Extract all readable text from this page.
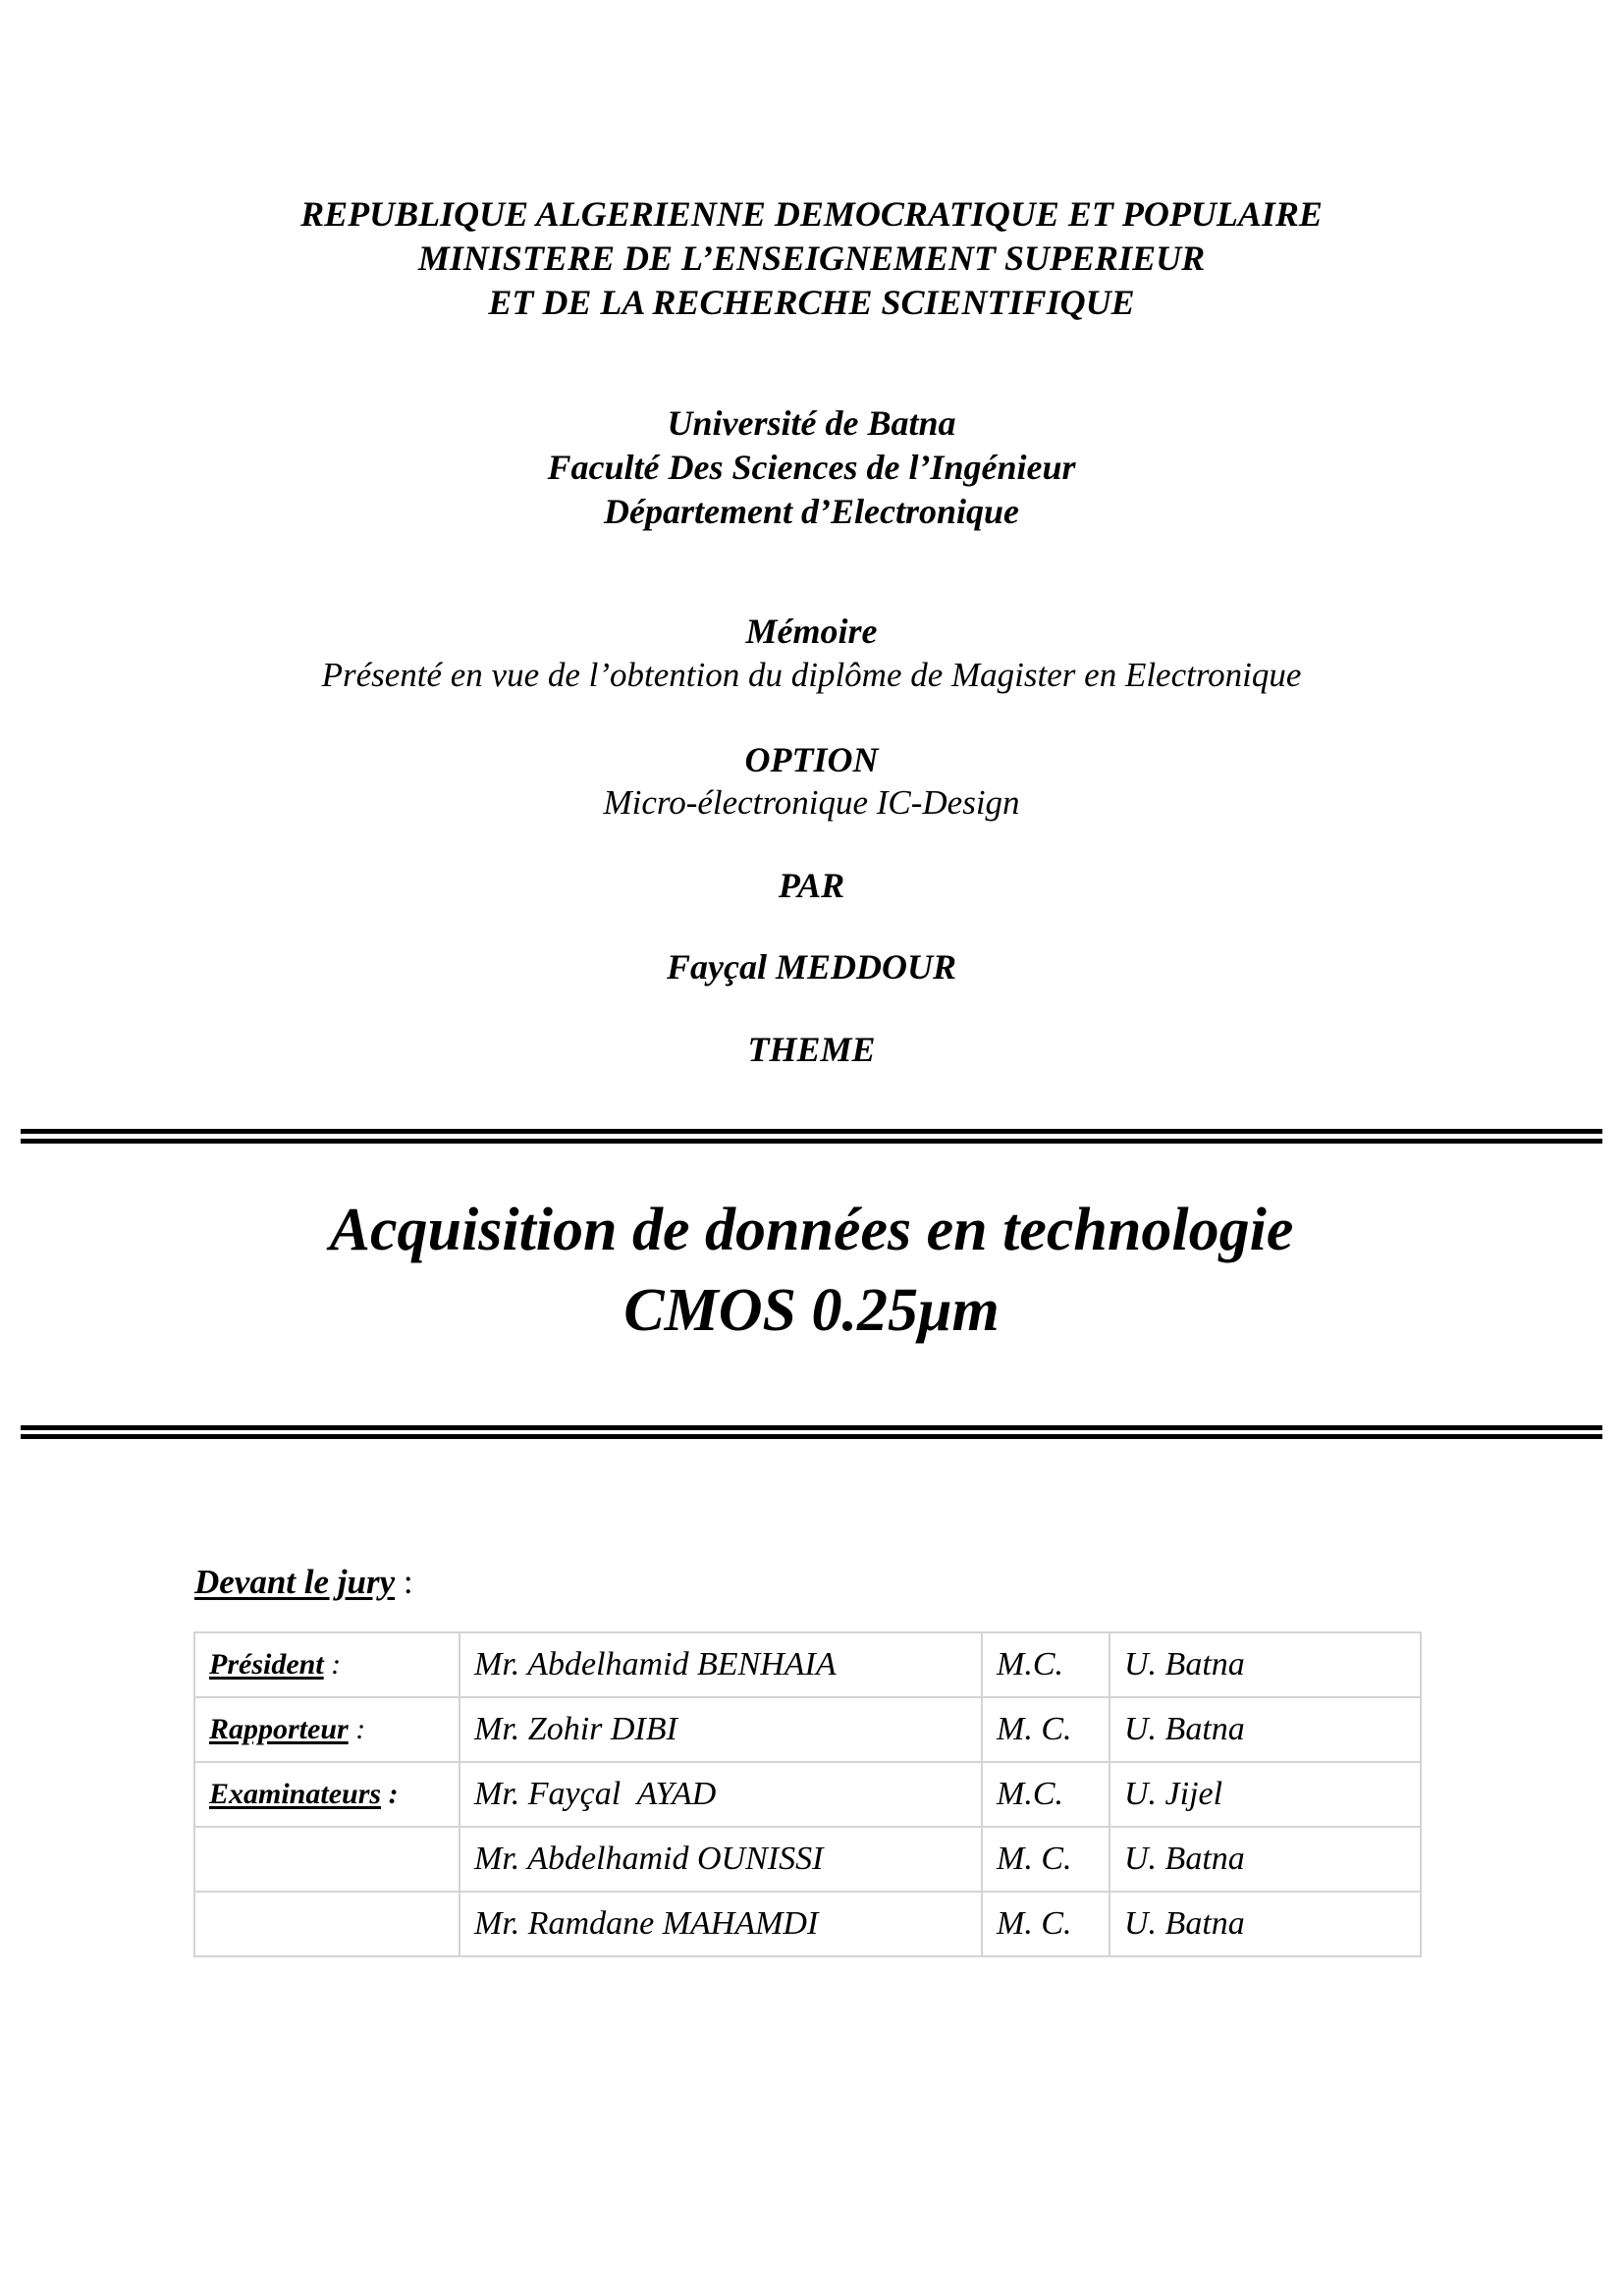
REPUBLIQUE ALGERIENNE DEMOCRATIQUE ET POPULAIRE
MINISTERE DE L’ENSEIGNEMENT SUPERIEUR
ET DE LA RECHERCHE SCIENTIFIQUE
Université de Batna
Faculté Des Sciences de l’Ingénieur
Département d’Electronique
Mémoire
Présenté en vue de l’obtention du diplôme de Magister en Electronique
OPTION
Micro-électronique IC-Design
PAR
Fayçal MEDDOUR
THEME
Acquisition de données en technologie
CMOS 0.25μm
Devant le jury :
Président :	Mr. Abdelhamid BENHAIA	M.C.	U. Batna
Rapporteur :	Mr. Zohir DIBI	M. C.	U. Batna
Examinateurs :	Mr. Fayçal  AYAD	M.C.	U. Jijel
	Mr. Abdelhamid OUNISSI	M. C.	U. Batna
	Mr. Ramdane MAHAMDI	M. C.	U. Batna
